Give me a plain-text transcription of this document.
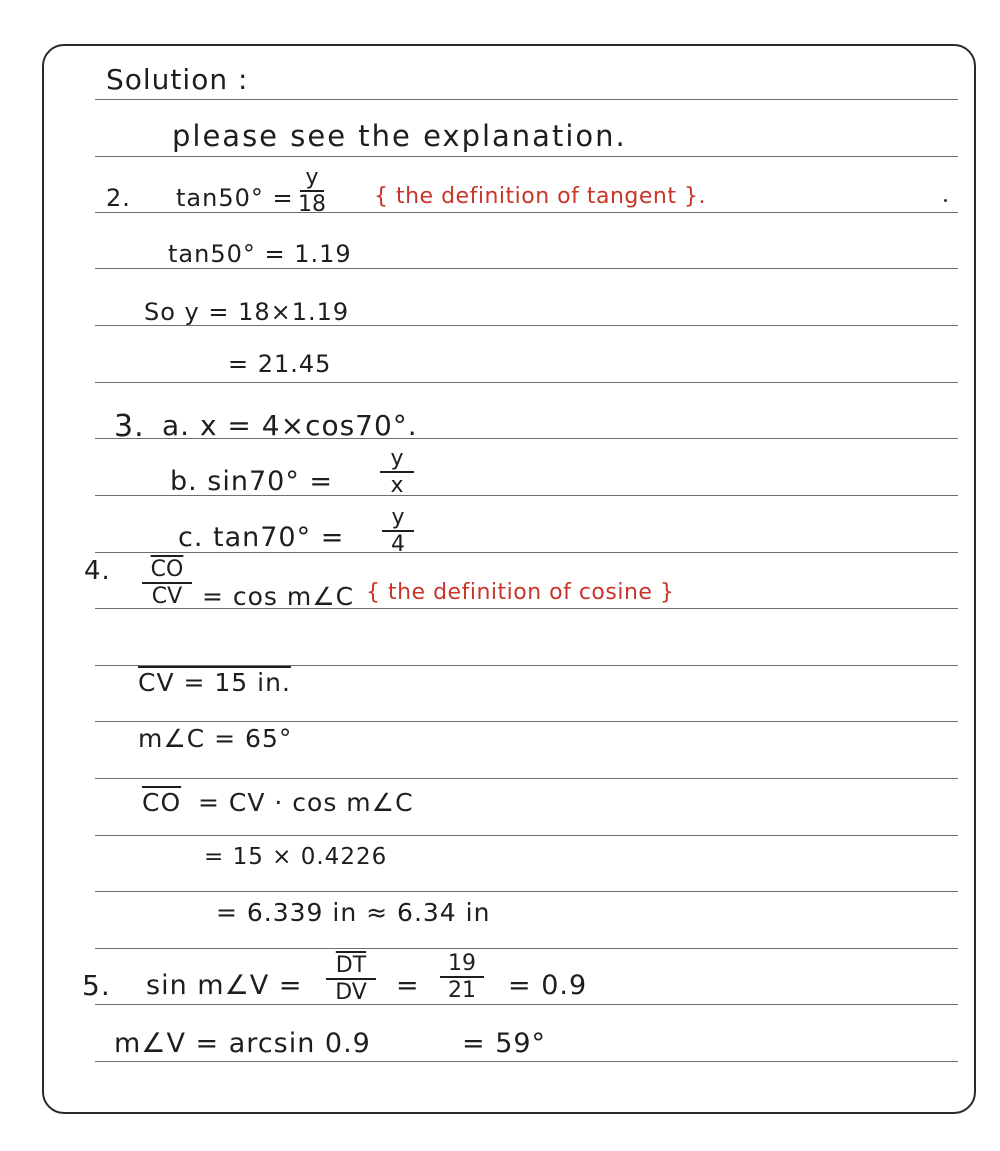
Solution :
please see the explanation.
2. tan50° =
y
18 { the definition of tangent }.
tan50° = 1.19
So y = 18×1.19
= 21.45
3. a. x = 4×cos70°.
b. sin70° =
y
x
c. tan70° =
y
4
4. $\frac{\overline{CO}}{CV} = \cos$ m∠C { the definition of cosine }
CV = 15 in.
m∠C = 65°
$\overline{CO}$ = CV · cos m∠C
= 15 × 0.4226
= 6.339 in ≈ 6.34 in
5. sin m∠V =
$\overline{DT}$
DV =
19
21 = 0.9
m∠V = arcsin 0.9	= 59°
